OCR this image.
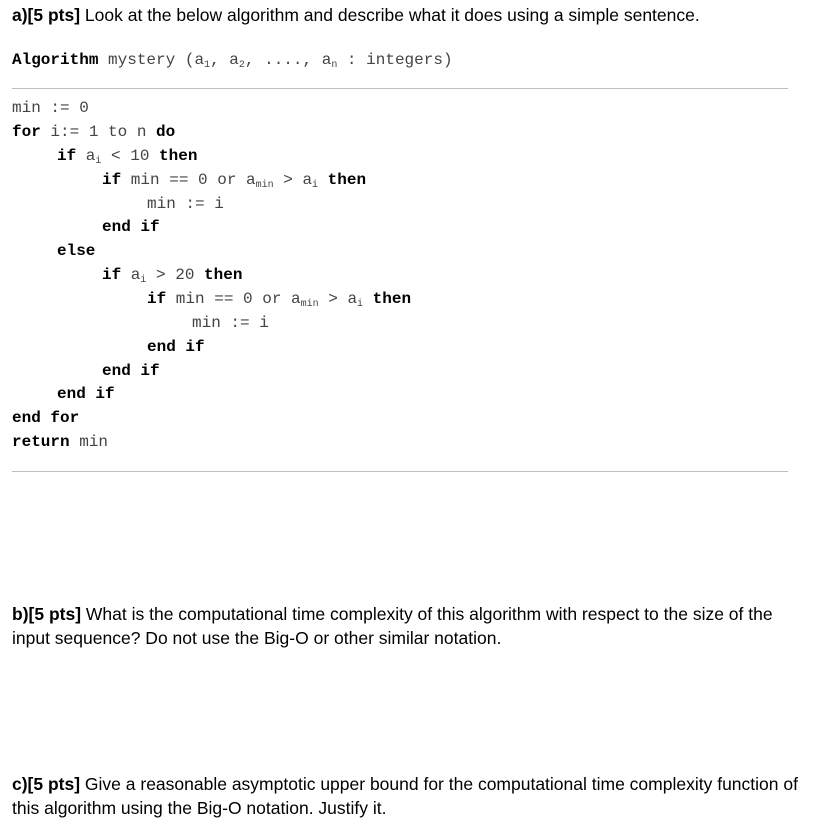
a)[5 pts] Look at the below algorithm and describe what it does using a simple sentence.
Algorithm mystery ($a_1$, $a_2$, ...., $a_n$ : integers)
min := 0
for i:= 1 to n do
if $a_i < 10$ then
if min == 0 or $a_{min} > a_i$ then
min := i
end if
else
if $a_i > 20$ then
if min == 0 or $a_{min} > a_i$ then
min := i
end if
end if
end if
end for
return min
b)[5 pts] What is the computational time complexity of this algorithm with respect to the size of the input sequence? Do not use the Big-O or other similar notation.
c)[5 pts] Give a reasonable asymptotic upper bound for the computational time complexity function of this algorithm using the Big-O notation. Justify it.
